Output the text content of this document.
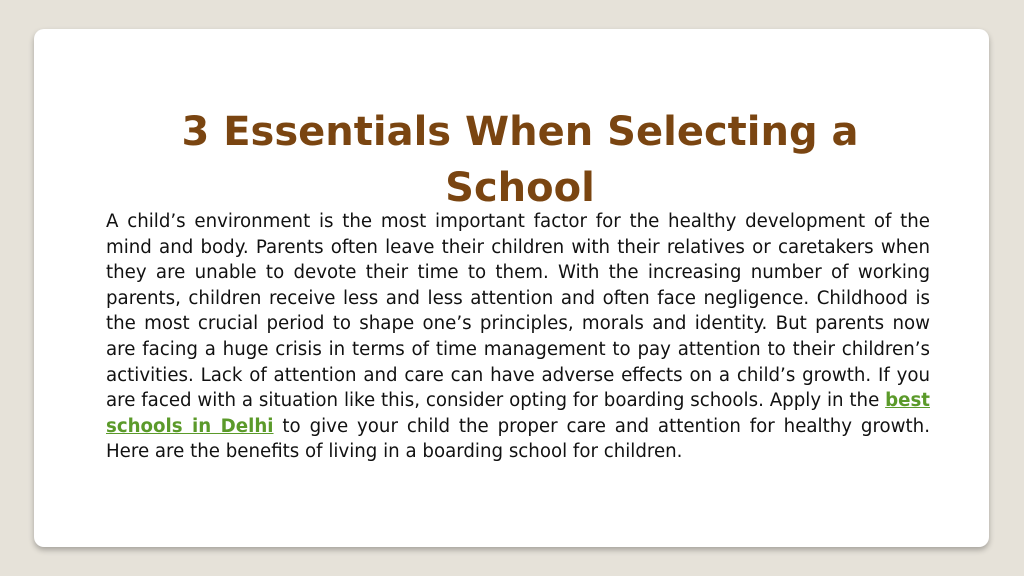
3 Essentials When Selecting a
School

A child’s environment is the most important factor for the healthy development of the mind and body. Parents often leave their children with their relatives or caretakers when they are unable to devote their time to them. With the increasing number of working parents, children receive less and less attention and often face negligence. Childhood is the most crucial period to shape one’s principles, morals and identity. But parents now are facing a huge crisis in terms of time management to pay attention to their children’s activities. Lack of attention and care can have adverse effects on a child’s growth. If you are faced with a situation like this, consider opting for boarding schools. Apply in the best schools in Delhi to give your child the proper care and attention for healthy growth. Here are the benefits of living in a boarding school for children.
